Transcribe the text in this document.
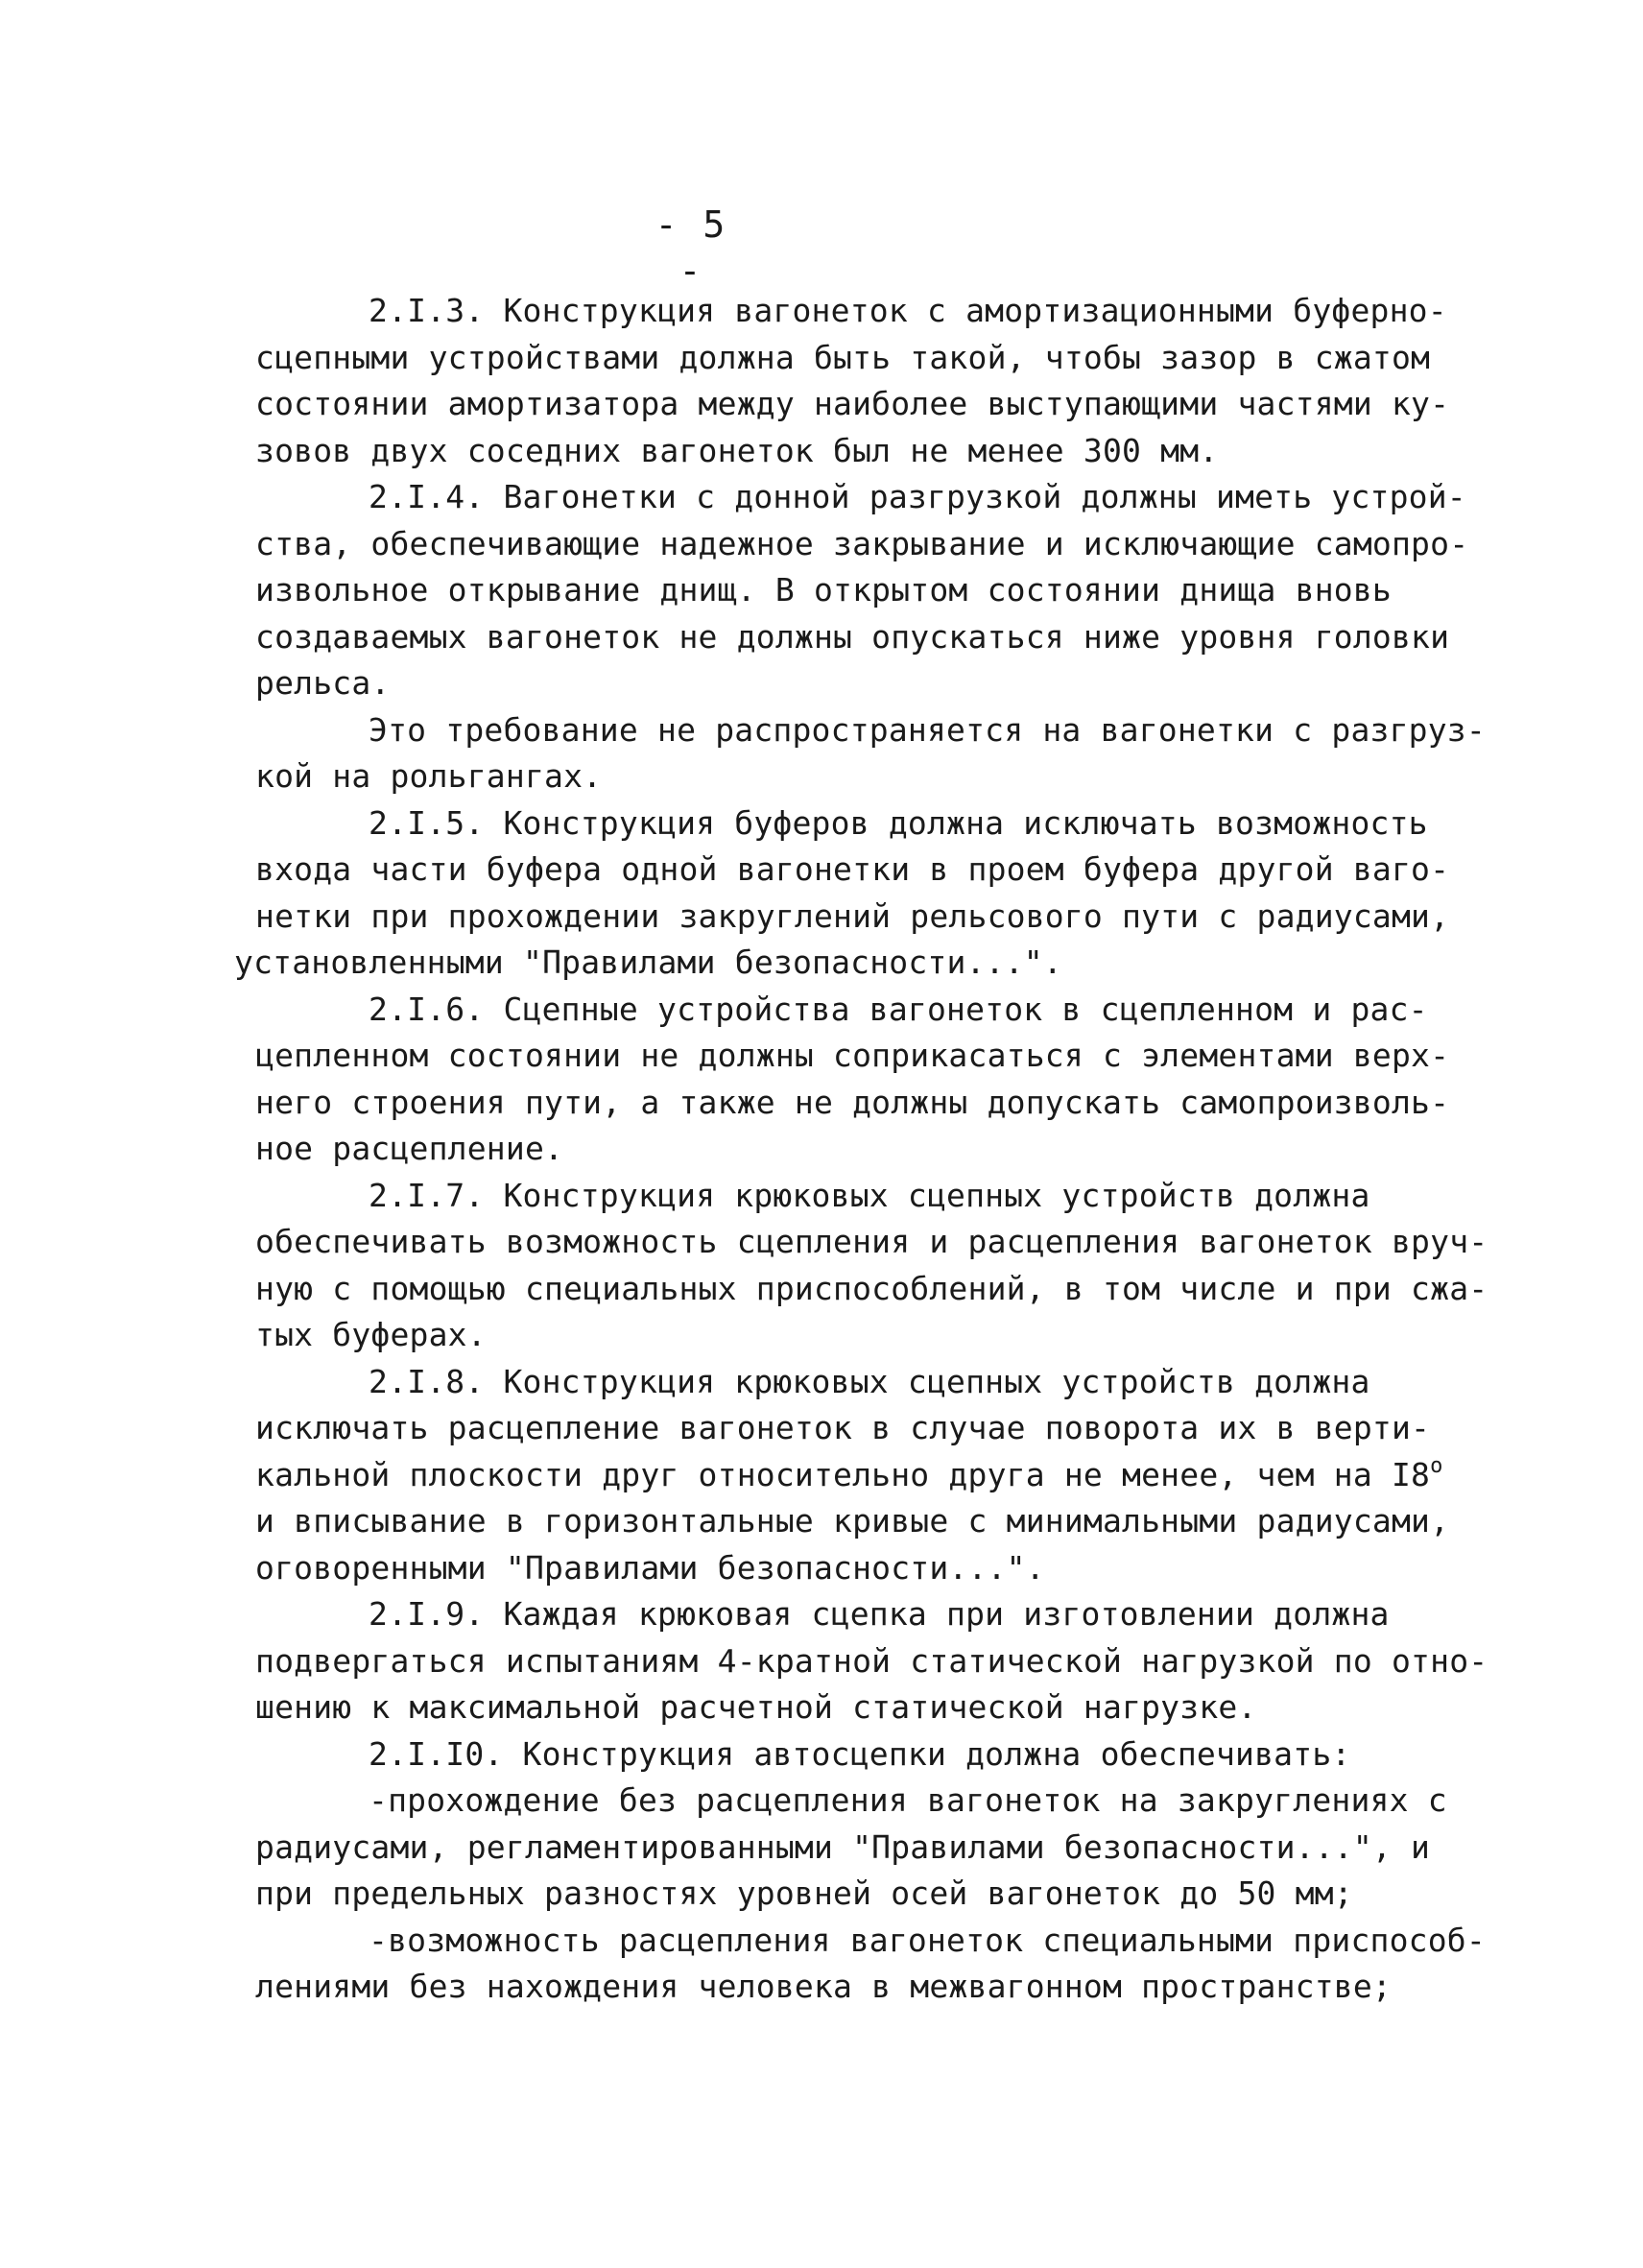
- 5 -
2.I.3. Конструкция вагонеток с амортизационными буферно-
сцепными устройствами должна быть такой, чтобы зазор в сжатом
состоянии амортизатора между наиболее выступающими частями ку-
зовов двух соседних вагонеток был не менее 300 мм.
2.I.4. Вагонетки с донной разгрузкой должны иметь устрой-
ства, обеспечивающие надежное закрывание и исключающие самопро-
извольное открывание днищ. В открытом состоянии днища вновь
создаваемых вагонеток не должны опускаться ниже уровня головки
рельса.
Это требование не распространяется на вагонетки с разгруз-
кой на рольгангах.
2.I.5. Конструкция буферов должна исключать возможность
входа части буфера одной вагонетки в проем буфера другой ваго-
нетки при прохождении закруглений рельсового пути с радиусами,
установленными "Правилами безопасности...".
2.I.6. Сцепные устройства вагонеток в сцепленном и рас-
цепленном состоянии не должны соприкасаться с элементами верх-
него строения пути, а также не должны допускать самопроизволь-
ное расцепление.
2.I.7. Конструкция крюковых сцепных устройств должна
обеспечивать возможность сцепления и расцепления вагонеток вруч-
ную с помощью специальных приспособлений, в том числе и при сжа-
тых буферах.
2.I.8. Конструкция крюковых сцепных устройств должна
исключать расцепление вагонеток в случае поворота их в верти-
кальной плоскости друг относительно друга не менее, чем на $I8^о$
и вписывание в горизонтальные кривые с минимальными радиусами,
оговоренными "Правилами безопасности...".
2.I.9. Каждая крюковая сцепка при изготовлении должна
подвергаться испытаниям 4-кратной статической нагрузкой по отно-
шению к максимальной расчетной статической нагрузке.
2.I.I0. Конструкция автосцепки должна обеспечивать:
-прохождение без расцепления вагонеток на закруглениях с
радиусами, регламентированными "Правилами безопасности...", и
при предельных разностях уровней осей вагонеток до 50 мм;
-возможность расцепления вагонеток специальными приспособ-
лениями без нахождения человека в межвагонном пространстве;
